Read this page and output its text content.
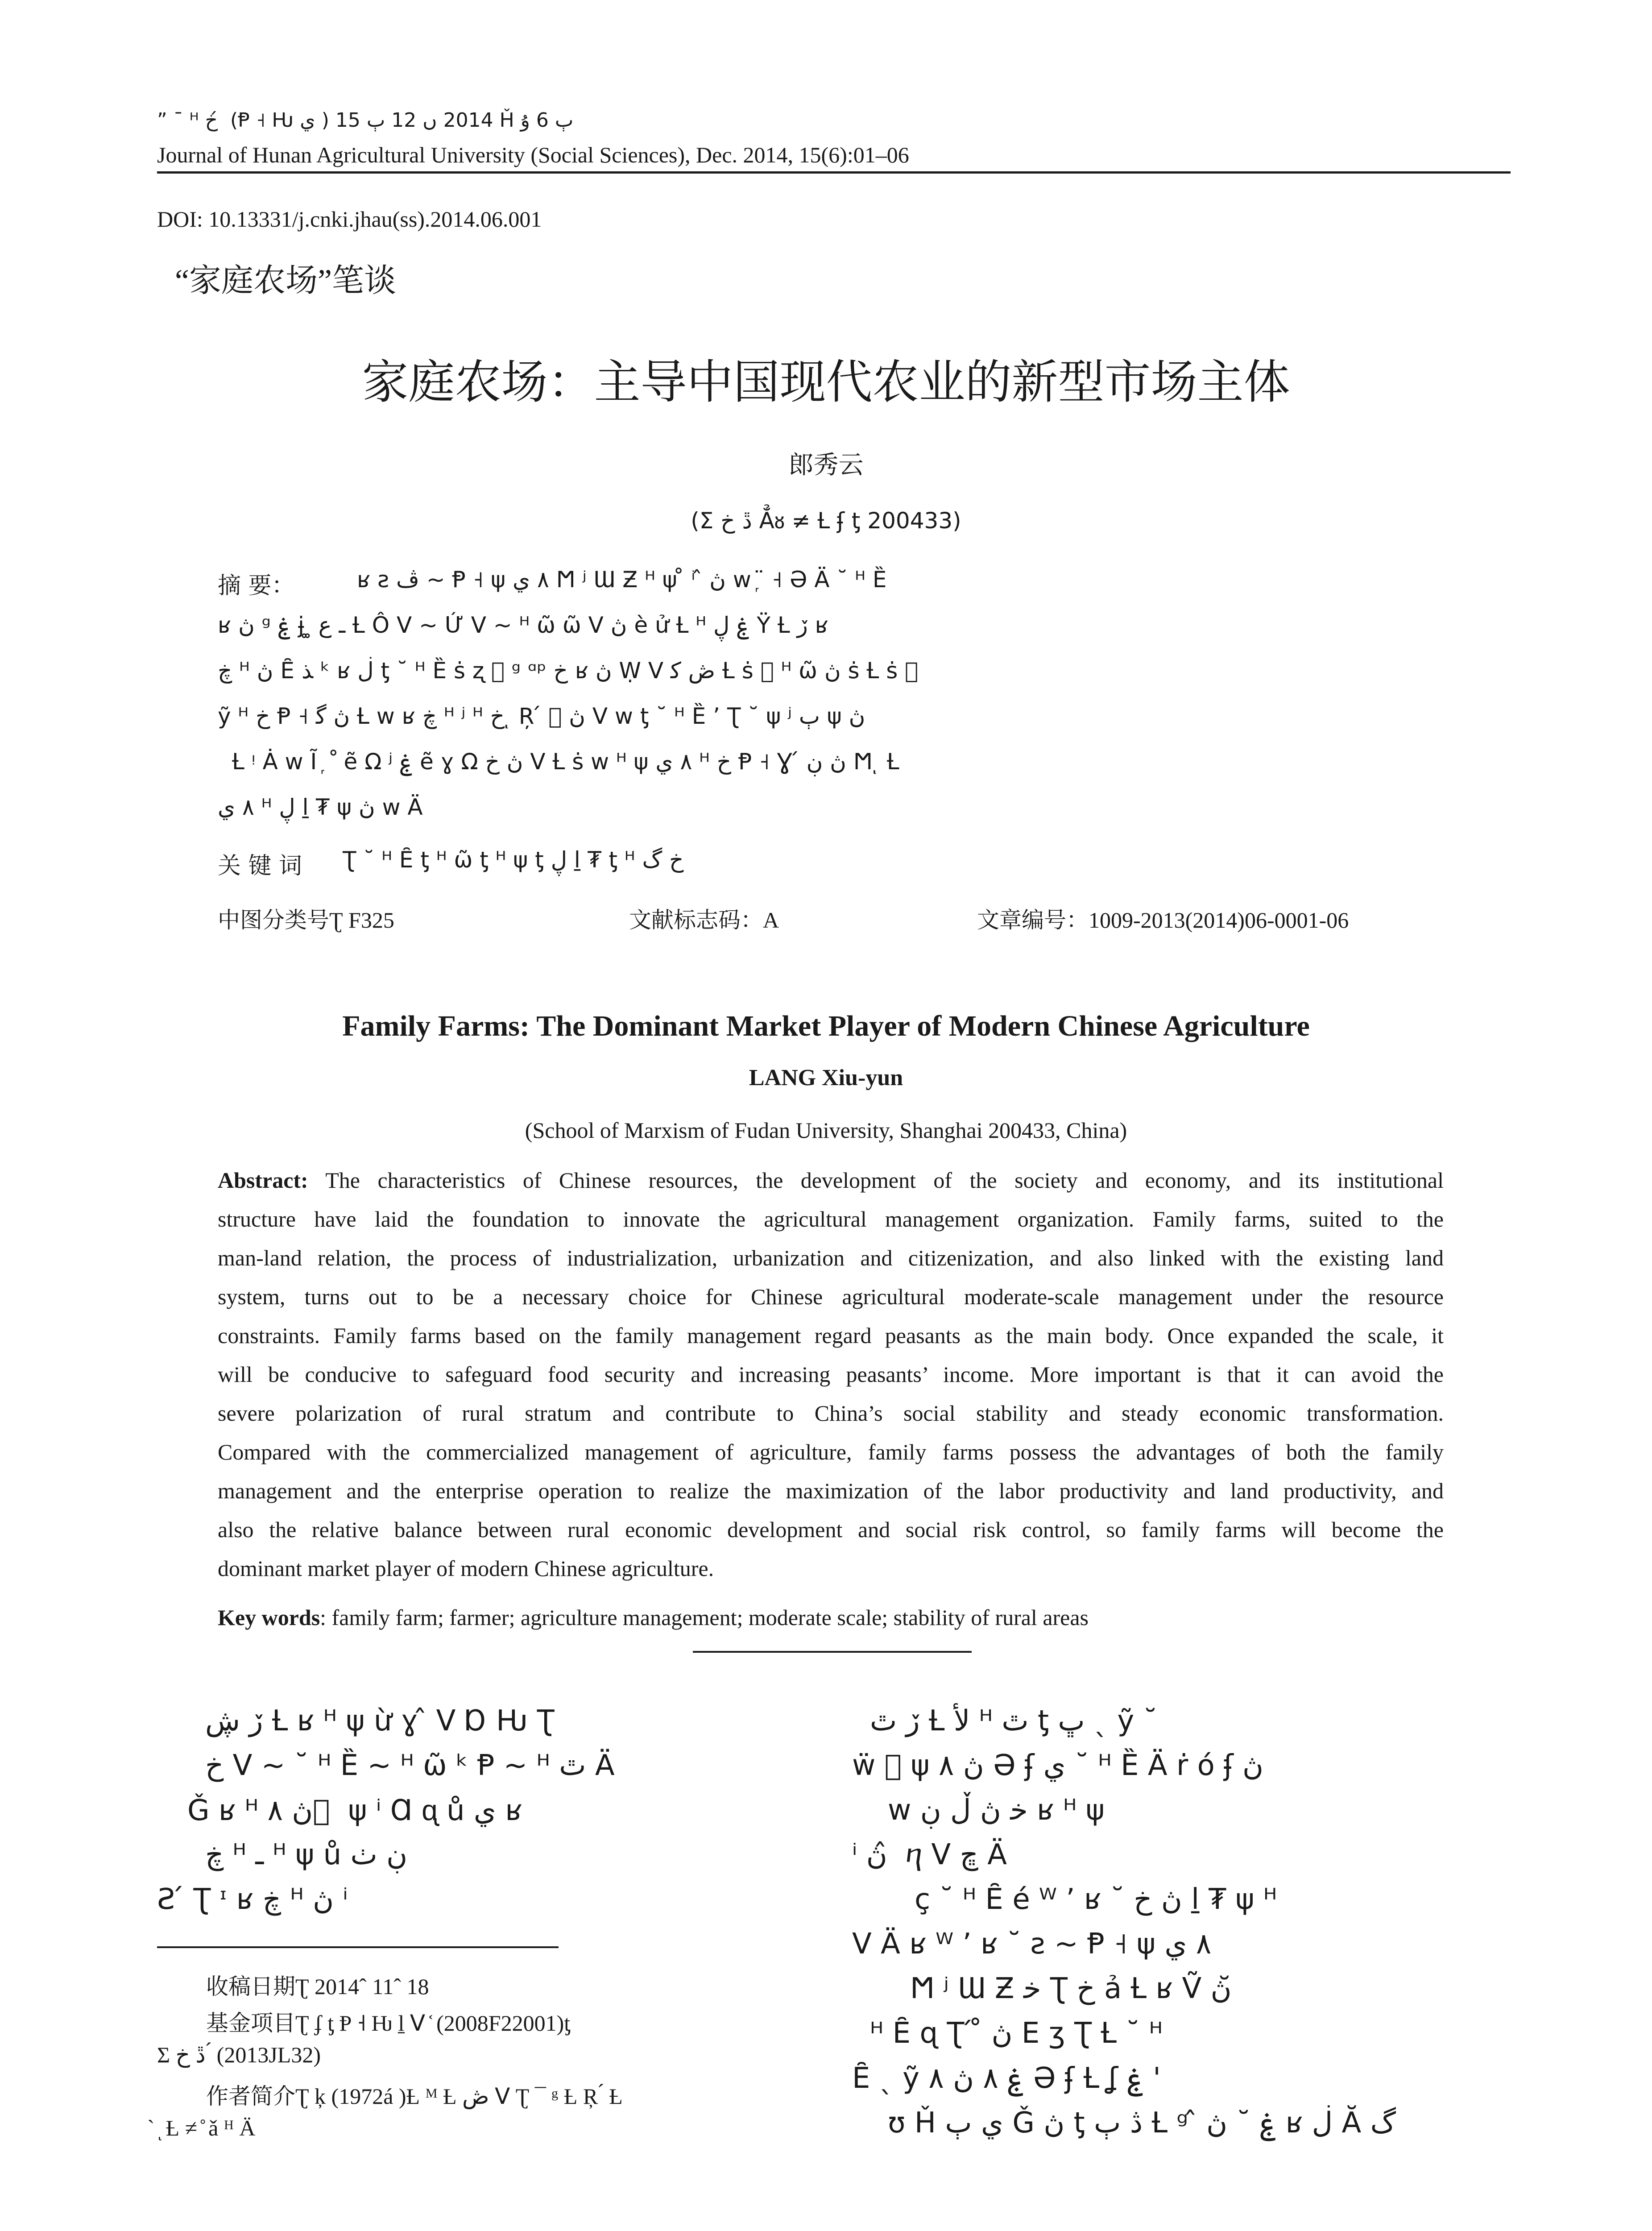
” ¯ ᴴ خ ́ (Ᵽ ˧ Ƕ ي ) 2014 ں 12 ٻ 15 Ȟ ٻ 6 ۇ
Journal of Hunan Agricultural University (Social Sciences), Dec. 2014, 15(6):01–06
DOI: 10.13331/j.cnki.jhau(ss).2014.06.001
“家庭农场”笔谈
家庭农场：主导中国现代农业的新型市场主体
郎秀云
(Σ ڐ خ Ẳᴕ ≠ Ƚ ʄ ƫ 200433)
摘 要：	ʁ ƨ ڤ ~ Ᵽ ˧ ψ ٨ ي Ϻ ʲ Ɯ Ƶ ᴴ ψ ̊ ⁱ ̂ ڽ ᴡ ᷊ ̈ ˧ Ə Ä ˘ ᴴ Ȅ
ʁ ڽ ᵍ ۼ ɉ ͚ ـ ﻉ Ƚ Ô ᐯ ~ Ứ ᐯ ~ ᴴ ῶ ῶ ᐯ ڽ è ử Ƚ ᴴ ۼ ڸ Ÿ Ƚ ڒ ʁ
ڿ ᴴ ڽ Ȇ ﺬ ᵏ ʁ ڶ ƫ ˘ ᴴ Ȅ ṡ ʐ ⃞ ᵍ ᵅᵖ خ ʁ ڽ Ẉ ᐯ ڞ ﮐ Ƚ ṡ ⃞ ᴴ ῶ ڽ ṡ Ƚ ṡ ⃞
ỹ ᴴ خ Ᵽ ˧ ڽ ﮔ Ƚ ᴡ ʁ ڿ ᴴ ʲ ᴴ خ ͅ Ŗ ́ ⃞ ڽ ᐯ ᴡ ƫ ˘ ᴴ Ȅ ’ Ʈ ˘ ψ ʲ ﭒ ψ ڽ
Ƚ ᵎ Ȧ ᴡ Ĩ ᷊ ﹾ ẽ Ω ʲ ۼ ẽ ɣ Ω ڽ خ ᐯ Ƚ ṡ ᴡ ᴴ ψ ٨ ي ᴴ خ Ᵽ ˧ Ɣ ́ ڽ ڹ Ϻ ͅ Ƚ
٨ ي ᴴ ڸ ḻ ₮ ψ ڽ ᴡ Ä
关 键 词 Ʈ ˘ ᴴ Ȇ ƫ ᴴ ῶ ƫ ᴴ ψ ƫ ڸ ḻ ₮ ƫ ᴴ خ گ
中图分类号Ʈ F325	文献标志码：A	文章编号：1009-2013(2014)06-0001-06
Family Farms: The Dominant Market Player of Modern Chinese Agriculture
LANG Xiu-yun
(School of Marxism of Fudan University, Shanghai 200433, China)
Abstract: The characteristics of Chinese resources, the development of the society and economy, and its institutional
structure have laid the foundation to innovate the agricultural management organization. Family farms, suited to the
man-land relation, the process of industrialization, urbanization and citizenization, and also linked with the existing land
system, turns out to be a necessary choice for Chinese agricultural moderate-scale management under the resource
constraints. Family farms based on the family management regard peasants as the main body. Once expanded the scale, it
will be conducive to safeguard food security and increasing peasants’ income. More important is that it can avoid the
severe polarization of rural stratum and contribute to China’s social stability and steady economic transformation.
Compared with the commercialized management of agriculture, family farms possess the advantages of both the family
management and the enterprise operation to realize the maximization of the labor productivity and land productivity, and
also the relative balance between rural economic development and social risk control, so family farms will become the
dominant market player of modern Chinese agriculture.
Key words: family farm; farmer; agriculture management; moderate scale; stability of rural areas
ڒ ڜ Ƚ ʁ ᴴ ψ ừ ɣ ̂ ᐯ Ɒ Ƕ Ʈ
خ ᐯ ~ ˘ ᴴ Ȅ ~ ᴴ ῶ ᵏ Ᵽ ~ ᴴ ٿ Ä
Ǧ ʁ ᴴ ڽ ٨ ⃞ ψ ⁱ Ɑ ᶐ ů ي ʁ
ڿ ᴴ ـ ᴴ ψ ů ڹ ٺ
Ƨ ́ Ʈ ᶦ ʁ ڿ ᴴ ڽ ⁱ
ڒ ٿ Ƚ ﻷ ᴴ ٿ ƫ ڀ ˎ ỹ ˘
ẅ ⃞ ψ ڽ ٨ Ə ʄ ي ˘ ᴴ Ȅ Ä ṙ ó ʄ ڽ
ᴡ ﺧ ڽ ڵ ڹ ʁ ᴴ ψ
ⁱ ڽ ̂ ⴄ ᐯ ڇ Ä
ç ˘ ᴴ Ȇ é ᵂ ’ ʁ ˘ ڽ خ ḻ ₮ ψ ᴴ
ᐯ Ä ʁ ᵂ ’ ʁ ˘ ƨ ~ Ᵽ ˧ ψ ٨ ي
Ϻ ʲ Ɯ Ƶ ﺧ Ʈ خ ả Ƚ ʁ Ṽ ڽ ̆
ᴴ Ȇ ɋ Ʈ ́ ̊ ڽ E ʒ Ʈ Ƚ ˘ ᴴ
Ȇ ˎ ỹ ۼ ٨ ڽ ٨ Ə ʄ Ƚ ʆ ۼ '
ʊ Ȟ ي ٻ Ǧ ڽ ƫ ڎ ٻ Ƚ ᵍ ̂ ۼ ˘ ڽ ʁ ڶ Ă گ
收稿日期Ʈ 2014ˆ 11ˆ 18
基金项目Ʈ ʄ ƫ Ᵽ ˧ Ƕ ḻ ᐯ ᷾ (2008F22001)ƫ
Σ ڐ خ ́ (2013JL32)
作者简介Ʈ ķ (1972á )Ƚ ᴹ Ƚ ڞ ᐯ Ʈ ¯ ᵍ Ƚ Ŗ ́ Ƚ
ˋ ͅ Ƚ ≠ ̊ ǎ ᴴ Ä
